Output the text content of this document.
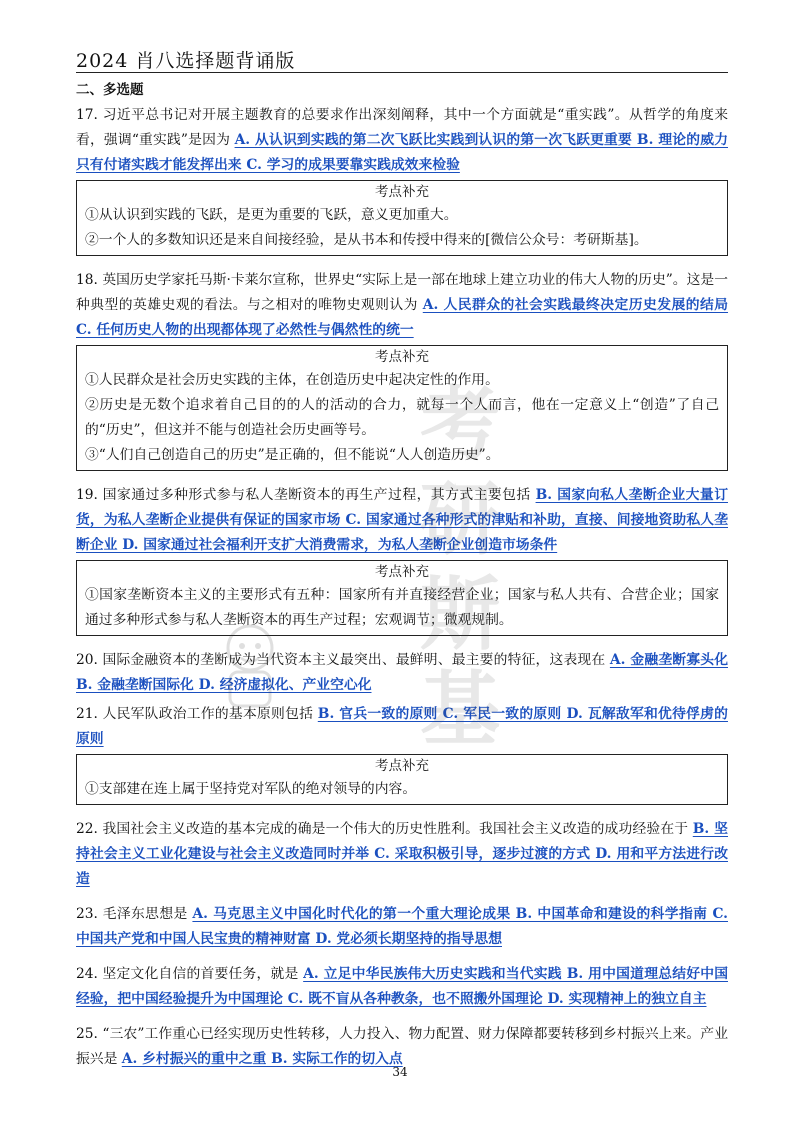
2024 肖八选择题背诵版
二、多选题

17. 习近平总书记对开展主题教育的总要求作出深刻阐释，其中一个方面就是“重实践”。从哲学的角度来看，强调“重实践”是因为 A. 从认识到实践的第二次飞跃比实践到认识的第一次飞跃更重要 B. 理论的威力只有付诸实践才能发挥出来 C. 学习的成果要靠实践成效来检验

考点补充

①从认识到实践的飞跃，是更为重要的飞跃，意义更加重大。

②一个人的多数知识还是来自间接经验，是从书本和传授中得来的[微信公众号：考研斯基]。

18. 英国历史学家托马斯·卡莱尔宣称，世界史“实际上是一部在地球上建立功业的伟大人物的历史”。这是一种典型的英雄史观的看法。与之相对的唯物史观则认为 A. 人民群众的社会实践最终决定历史发展的结局 C. 任何历史人物的出现都体现了必然性与偶然性的统一

考点补充

①人民群众是社会历史实践的主体，在创造历史中起决定性的作用。

②历史是无数个追求着自己目的的人的活动的合力，就每一个人而言，他在一定意义上“创造”了自己的“历史”，但这并不能与创造社会历史画等号。

③“人们自己创造自己的历史”是正确的，但不能说“人人创造历史”。

19. 国家通过多种形式参与私人垄断资本的再生产过程，其方式主要包括 B. 国家向私人垄断企业大量订货，为私人垄断企业提供有保证的国家市场 C. 国家通过各种形式的津贴和补助，直接、间接地资助私人垄断企业 D. 国家通过社会福利开支扩大消费需求，为私人垄断企业创造市场条件

考点补充

①国家垄断资本主义的主要形式有五种：国家所有并直接经营企业；国家与私人共有、合营企业；国家通过多种形式参与私人垄断资本的再生产过程；宏观调节；微观规制。

20. 国际金融资本的垄断成为当代资本主义最突出、最鲜明、最主要的特征，这表现在 A. 金融垄断寡头化 B. 金融垄断国际化 D. 经济虚拟化、产业空心化

21. 人民军队政治工作的基本原则包括 B. 官兵一致的原则 C. 军民一致的原则 D. 瓦解敌军和优待俘虏的原则

考点补充

①支部建在连上属于坚持党对军队的绝对领导的内容。

22. 我国社会主义改造的基本完成的确是一个伟大的历史性胜利。我国社会主义改造的成功经验在于 B. 坚持社会主义工业化建设与社会主义改造同时并举 C. 采取积极引导，逐步过渡的方式 D. 用和平方法进行改造

23. 毛泽东思想是 A. 马克思主义中国化时代化的第一个重大理论成果 B. 中国革命和建设的科学指南 C. 中国共产党和中国人民宝贵的精神财富 D. 党必须长期坚持的指导思想

24. 坚定文化自信的首要任务，就是 A. 立足中华民族伟大历史实践和当代实践 B. 用中国道理总结好中国经验，把中国经验提升为中国理论 C. 既不盲从各种教条，也不照搬外国理论 D. 实现精神上的独立自主

25. “三农”工作重心已经实现历史性转移，人力投入、物力配置、财力保障都要转移到乡村振兴上来。产业振兴是 A. 乡村振兴的重中之重 B. 实际工作的切入点

考
研
斯
基
34
